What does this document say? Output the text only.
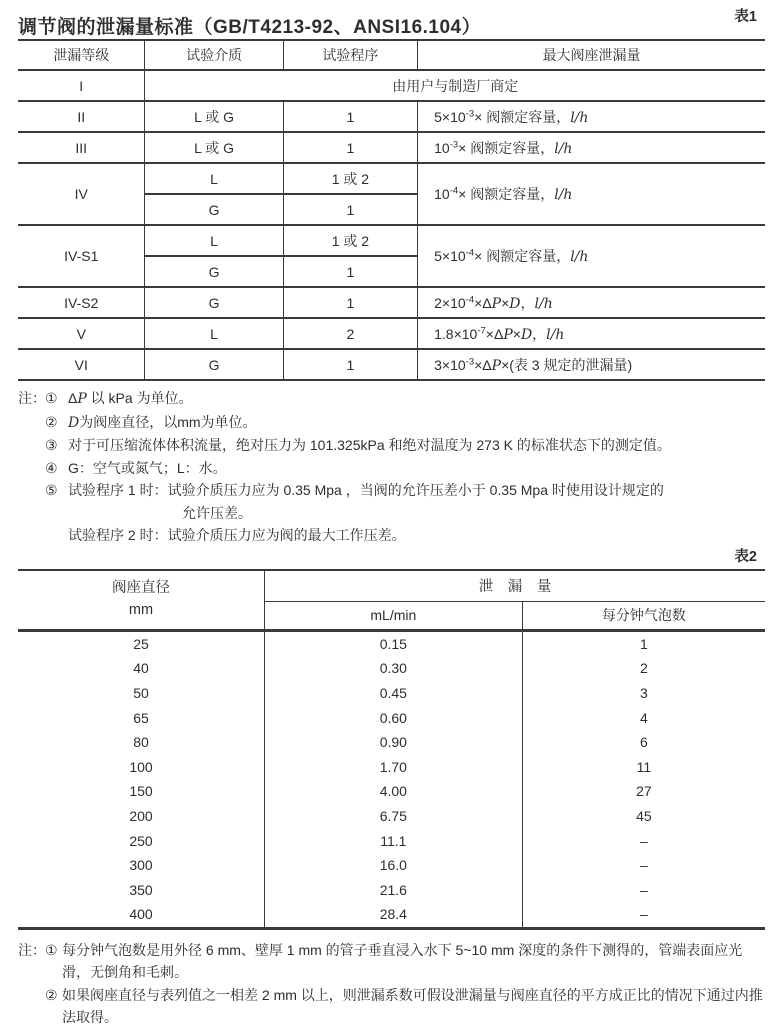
调节阀的泄漏量标准（GB/T4213-92、ANSI16.104）	表1
泄漏等级	试验介质	试验程序	最大阀座泄漏量
I	由用户与制造厂商定		
II	L 或 G	1	$5\times 10^{-3}\times$ 阀额定容量，l/h
III	L 或 G	1	$10^{-3}\times$ 阀额定容量，l/h
IV	L	1 或 2	$10^{-4}\times$ 阀额定容量，l/h
	G	1	
IV-S1	L	1 或 2	$5\times 10^{-4}\times$ 阀额定容量，l/h
	G	1	
IV-S2	G	1	$2\times 10^{-4}\times\Delta P\times D$，l/h
V	L	2	$1.8\times 10^{-7}\times\Delta P\times D$，l/h
VI	G	1	$3\times 10^{-3}\times\Delta P\times$(表 3 规定的泄漏量)
注： ① ΔP 以 kPa 为单位。
② D为阀座直径，以mm为单位。
③ 对于可压缩流体体积流量，绝对压力为 101.325kPa 和绝对温度为 273 K 的标准状态下的测定值。
④ G：空气或氮气；L：水。
⑤ 试验程序 1 时：试验介质压力应为 0.35 Mpa ，当阀的允许压差小于 0.35 Mpa 时使用设计规定的
允许压差。
试验程序 2 时：试验介质压力应为阀的最大工作压差。
表2
阀座直径
mm	泄　漏　量	
	mL/min	每分钟气泡数
25	0.15	1
40	0.30	2
50	0.45	3
65	0.60	4
80	0.90	6
100	1.70	11
150	4.00	27
200	6.75	45
250	11.1	–
300	16.0	–
350	21.6	–
400	28.4	–
注： ① 每分钟气泡数是用外径 6 mm、壁厚 1 mm 的管子垂直浸入水下 5~10 mm 深度的条件下测得的，管端表面应光滑，无倒角和毛刺。
② 如果阀座直径与表列值之一相差 2 mm 以上，则泄漏系数可假设泄漏量与阀座直径的平方成正比的情况下通过内推法取得。
